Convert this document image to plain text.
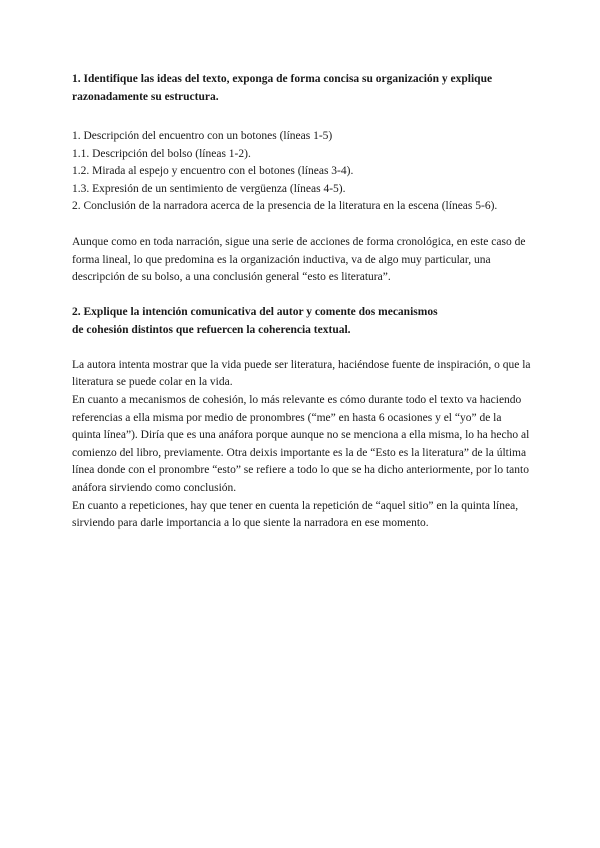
1. Identifique las ideas del texto, exponga de forma concisa su organización y explique razonadamente su estructura.

1. Descripción del encuentro con un botones (líneas 1-5)
1.1. Descripción del bolso (líneas 1-2).
1.2. Mirada al espejo y encuentro con el botones (líneas 3-4).
1.3. Expresión de un sentimiento de vergüenza (líneas 4-5).
2. Conclusión de la narradora acerca de la presencia de la literatura en la escena (líneas 5-6).

Aunque como en toda narración, sigue una serie de acciones de forma cronológica, en este caso de forma lineal, lo que predomina es la organización inductiva, va de algo muy particular, una descripción de su bolso, a una conclusión general “esto es literatura”.

2. Explique la intención comunicativa del autor y comente dos mecanismos
de cohesión distintos que refuercen la coherencia textual.

La autora intenta mostrar que la vida puede ser literatura, haciéndose fuente de inspiración, o que la literatura se puede colar en la vida.

En cuanto a mecanismos de cohesión, lo más relevante es cómo durante todo el texto va haciendo referencias a ella misma por medio de pronombres (“me” en hasta 6 ocasiones y el “yo” de la quinta línea”). Diría que es una anáfora porque aunque no se menciona a ella misma, lo ha hecho al comienzo del libro, previamente. Otra deixis importante es la de “Esto es la literatura” de la última línea donde con el pronombre “esto” se refiere a todo lo que se ha dicho anteriormente, por lo tanto anáfora sirviendo como conclusión.

En cuanto a repeticiones, hay que tener en cuenta la repetición de “aquel sitio” en la quinta línea, sirviendo para darle importancia a lo que siente la narradora en ese momento.
